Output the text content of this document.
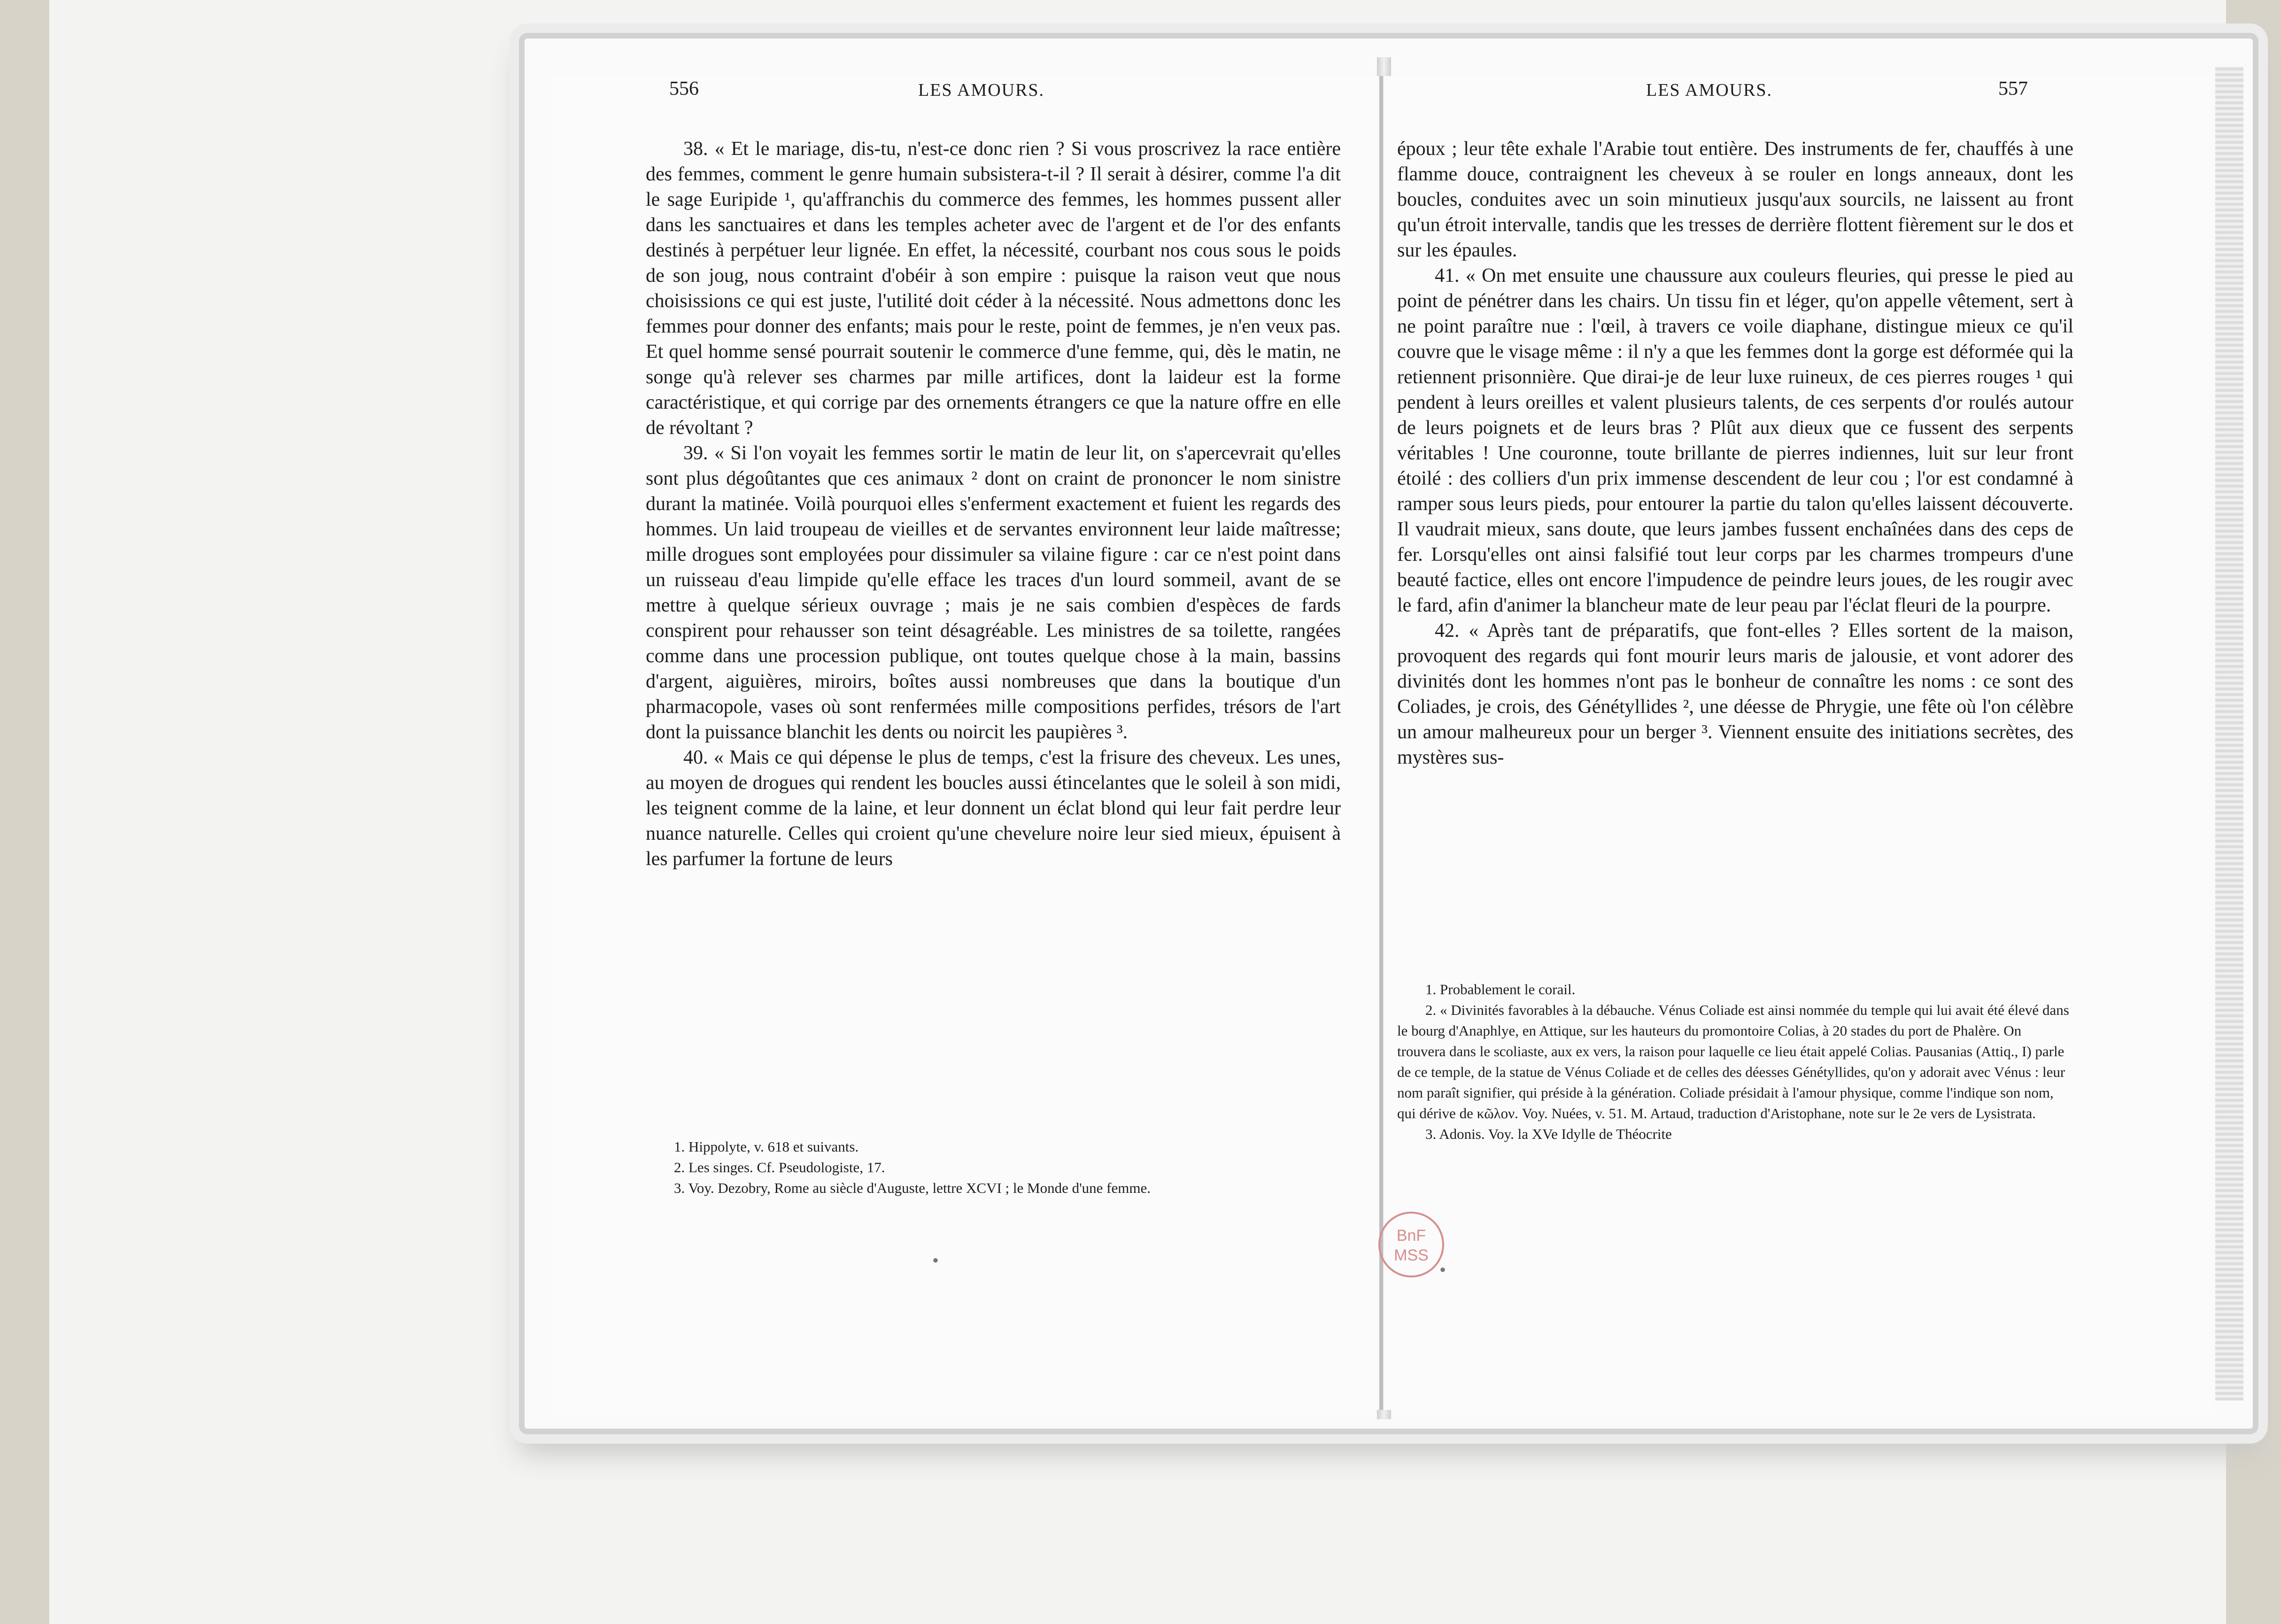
556	LES AMOURS.

38. « Et le mariage, dis-tu, n'est-ce donc rien ? Si vous proscrivez la race entière des femmes, comment le genre humain subsistera-t-il ? Il serait à désirer, comme l'a dit le sage Euripide ¹, qu'affranchis du commerce des femmes, les hommes pussent aller dans les sanctuaires et dans les temples acheter avec de l'argent et de l'or des enfants destinés à perpétuer leur lignée. En effet, la nécessité, courbant nos cous sous le poids de son joug, nous contraint d'obéir à son empire : puisque la raison veut que nous choisissions ce qui est juste, l'utilité doit céder à la nécessité. Nous admettons donc les femmes pour donner des enfants; mais pour le reste, point de femmes, je n'en veux pas. Et quel homme sensé pourrait soutenir le commerce d'une femme, qui, dès le matin, ne songe qu'à relever ses charmes par mille artifices, dont la laideur est la forme caractéristique, et qui corrige par des ornements étrangers ce que la nature offre en elle de révoltant ?

39. « Si l'on voyait les femmes sortir le matin de leur lit, on s'apercevrait qu'elles sont plus dégoûtantes que ces animaux ² dont on craint de prononcer le nom sinistre durant la matinée. Voilà pourquoi elles s'enferment exactement et fuient les regards des hommes. Un laid troupeau de vieilles et de servantes environnent leur laide maîtresse; mille drogues sont employées pour dissimuler sa vilaine figure : car ce n'est point dans un ruisseau d'eau limpide qu'elle efface les traces d'un lourd sommeil, avant de se mettre à quelque sérieux ouvrage ; mais je ne sais combien d'espèces de fards conspirent pour rehausser son teint désagréable. Les ministres de sa toilette, rangées comme dans une procession publique, ont toutes quelque chose à la main, bassins d'argent, aiguières, miroirs, boîtes aussi nombreuses que dans la boutique d'un pharmacopole, vases où sont renfermées mille compositions perfides, trésors de l'art dont la puissance blanchit les dents ou noircit les paupières ³.

40. « Mais ce qui dépense le plus de temps, c'est la frisure des cheveux. Les unes, au moyen de drogues qui rendent les boucles aussi étincelantes que le soleil à son midi, les teignent comme de la laine, et leur donnent un éclat blond qui leur fait perdre leur nuance naturelle. Celles qui croient qu'une chevelure noire leur sied mieux, épuisent à les parfumer la fortune de leurs

1. Hippolyte, v. 618 et suivants.
2. Les singes. Cf. Pseudologiste, 17.
3. Voy. Dezobry, Rome au siècle d'Auguste, lettre XCVI ; le Monde d'une femme.
LES AMOURS.	557

époux ; leur tête exhale l'Arabie tout entière. Des instruments de fer, chauffés à une flamme douce, contraignent les cheveux à se rouler en longs anneaux, dont les boucles, conduites avec un soin minutieux jusqu'aux sourcils, ne laissent au front qu'un étroit intervalle, tandis que les tresses de derrière flottent fièrement sur le dos et sur les épaules.

41. « On met ensuite une chaussure aux couleurs fleuries, qui presse le pied au point de pénétrer dans les chairs. Un tissu fin et léger, qu'on appelle vêtement, sert à ne point paraître nue : l'œil, à travers ce voile diaphane, distingue mieux ce qu'il couvre que le visage même : il n'y a que les femmes dont la gorge est déformée qui la retiennent prisonnière. Que dirai-je de leur luxe ruineux, de ces pierres rouges ¹ qui pendent à leurs oreilles et valent plusieurs talents, de ces serpents d'or roulés autour de leurs poignets et de leurs bras ? Plût aux dieux que ce fussent des serpents véritables ! Une couronne, toute brillante de pierres indiennes, luit sur leur front étoilé : des colliers d'un prix immense descendent de leur cou ; l'or est condamné à ramper sous leurs pieds, pour entourer la partie du talon qu'elles laissent découverte. Il vaudrait mieux, sans doute, que leurs jambes fussent enchaînées dans des ceps de fer. Lorsqu'elles ont ainsi falsifié tout leur corps par les charmes trompeurs d'une beauté factice, elles ont encore l'impudence de peindre leurs joues, de les rougir avec le fard, afin d'animer la blancheur mate de leur peau par l'éclat fleuri de la pourpre.

42. « Après tant de préparatifs, que font-elles ? Elles sortent de la maison, provoquent des regards qui font mourir leurs maris de jalousie, et vont adorer des divinités dont les hommes n'ont pas le bonheur de connaître les noms : ce sont des Coliades, je crois, des Génétyllides ², une déesse de Phrygie, une fête où l'on célèbre un amour malheureux pour un berger ³. Viennent ensuite des initiations secrètes, des mystères sus-

1. Probablement le corail.
2. « Divinités favorables à la débauche. Vénus Coliade est ainsi nommée du temple qui lui avait été élevé dans le bourg d'Anaphlye, en Attique, sur les hauteurs du promontoire Colias, à 20 stades du port de Phalère. On trouvera dans le scoliaste, aux ex vers, la raison pour laquelle ce lieu était appelé Colias. Pausanias (Attiq., I) parle de ce temple, de la statue de Vénus Coliade et de celles des déesses Génétyllides, qu'on y adorait avec Vénus : leur nom paraît signifier, qui préside à la génération. Coliade présidait à l'amour physique, comme l'indique son nom, qui dérive de κῶλον. Voy. Nuées, v. 51. M. Artaud, traduction d'Aristophane, note sur le 2e vers de Lysistrata.
3. Adonis. Voy. la XVe Idylle de Théocrite
BnF MSS
•	•
